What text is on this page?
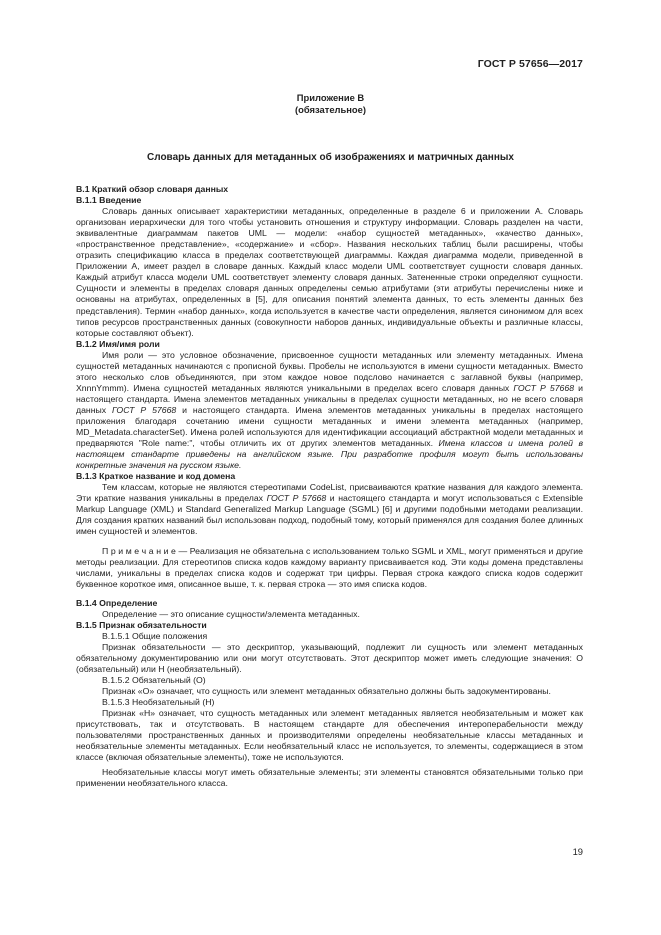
ГОСТ Р 57656—2017
Приложение В
(обязательное)
Словарь данных для метаданных об изображениях и матричных данных

В.1 Краткий обзор словаря данных

В.1.1 Введение

Словарь данных описывает характеристики метаданных, определенные в разделе 6 и приложении А. Словарь организован иерархически для того чтобы установить отношения и структуру информации. Словарь разделен на части, эквивалентные диаграммам пакетов UML — модели: «набор сущностей метаданных», «качество данных», «пространственное представление», «содержание» и «сбор». Названия нескольких таблиц были расширены, чтобы отразить спецификацию класса в пределах соответствующей диаграммы. Каждая диаграмма модели, приведенной в Приложении А, имеет раздел в словаре данных. Каждый класс модели UML соответствует сущности словаря данных. Каждый атрибут класса модели UML соответствует элементу словаря данных. Затененные строки определяют сущности. Сущности и элементы в пределах словаря данных определены семью атрибутами (эти атрибуты перечислены ниже и основаны на атрибутах, определенных в [5], для описания понятий элемента данных, то есть элементы данных без представления). Термин «набор данных», когда используется в качестве части определения, является синонимом для всех типов ресурсов пространственных данных (совокупности наборов данных, индивидуальные объекты и различные классы, которые составляют объект).

В.1.2 Имя/имя роли

Имя роли — это условное обозначение, присвоенное сущности метаданных или элементу метаданных. Имена сущностей метаданных начинаются с прописной буквы. Пробелы не используются в имени сущности метаданных. Вместо этого несколько слов объединяются, при этом каждое новое подслово начинается с заглавной буквы (например, XnnnYmmm). Имена сущностей метаданных являются уникальными в пределах всего словаря данных ГОСТ Р 57668 и настоящего стандарта. Имена элементов метаданных уникальны в пределах сущности метаданных, но не всего словаря данных ГОСТ Р 57668 и настоящего стандарта. Имена элементов метаданных уникальны в пределах настоящего приложения благодаря сочетанию имени сущности метаданных и имени элемента метаданных (например, MD_Metadata.characterSet). Имена ролей используются для идентификации ассоциаций абстрактной модели метаданных и предваряются "Role name:", чтобы отличить их от других элементов метаданных. Имена классов и имена ролей в настоящем стандарте приведены на английском языке. При разработке профиля могут быть использованы конкретные значения на русском языке.

В.1.3 Краткое название и код домена

Тем классам, которые не являются стереотипами CodeList, присваиваются краткие названия для каждого элемента. Эти краткие названия уникальны в пределах ГОСТ Р 57668 и настоящего стандарта и могут использоваться с Extensible Markup Language (XML) и Standard Generalized Markup Language (SGML) [6] и другими подобными методами реализации. Для создания кратких названий был использован подход, подобный тому, который применялся для создания более длинных имен сущностей и элементов.

П р и м е ч а н и е — Реализация не обязательна с использованием только SGML и XML, могут применяться и другие методы реализации. Для стереотипов списка кодов каждому варианту присваивается код. Эти коды домена представлены числами, уникальны в пределах списка кодов и содержат три цифры. Первая строка каждого списка кодов содержит буквенное короткое имя, описанное выше, т. к. первая строка — это имя списка кодов.

В.1.4 Определение

Определение — это описание сущности/элемента метаданных.

В.1.5 Признак обязательности

В.1.5.1 Общие положения

Признак обязательности — это дескриптор, указывающий, подлежит ли сущность или элемент метаданных обязательному документированию или они могут отсутствовать. Этот дескриптор может иметь следующие значения: О (обязательный) или Н (необязательный).

В.1.5.2 Обязательный (О)

Признак «О» означает, что сущность или элемент метаданных обязательно должны быть задокументированы.

В.1.5.3 Необязательный (Н)

Признак «Н» означает, что сущность метаданных или элемент метаданных является необязательным и может как присутствовать, так и отсутствовать. В настоящем стандарте для обеспечения интероперабельности между пользователями пространственных данных и производителями определены необязательные классы метаданных и необязательные элементы метаданных. Если необязательный класс не используется, то элементы, содержащиеся в этом классе (включая обязательные элементы), тоже не используются.

Необязательные классы могут иметь обязательные элементы; эти элементы становятся обязательными только при применении необязательного класса.

19
